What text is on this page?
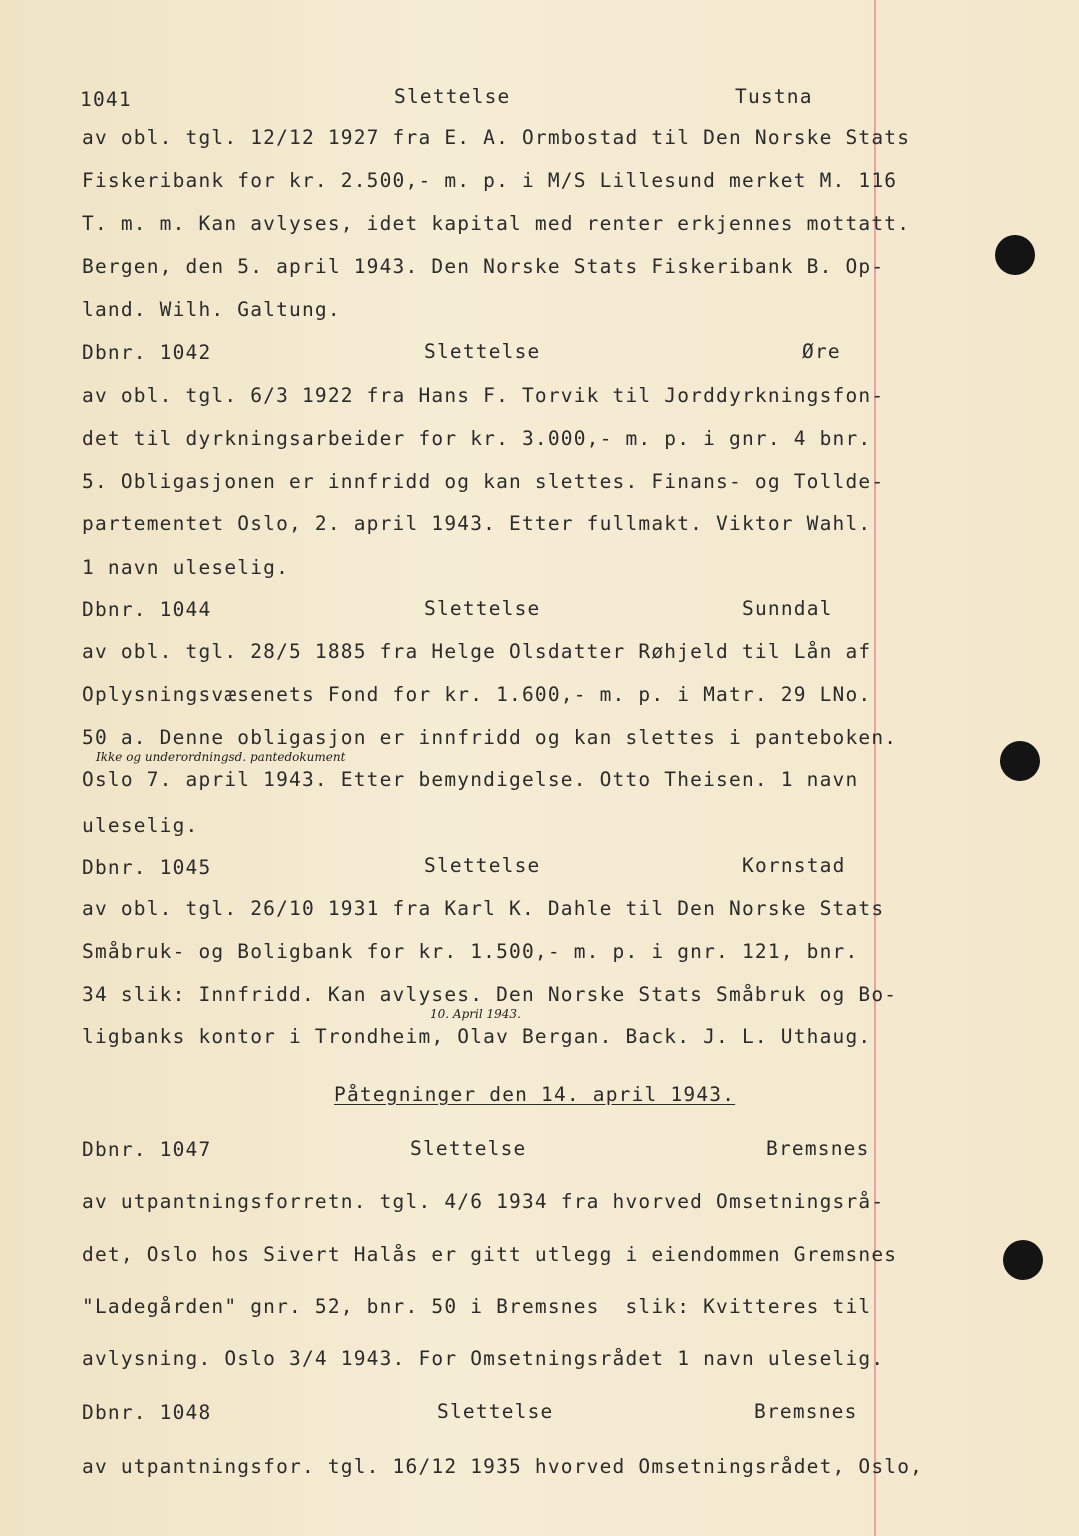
1041	Slettelse	Tustna
av obl. tgl. 12/12 1927 fra E. A. Ormbostad til Den Norske Stats
Fiskeribank for kr. 2.500,- m. p. i M/S Lillesund merket M. 116
T. m. m. Kan avlyses, idet kapital med renter erkjennes mottatt.
Bergen, den 5. april 1943. Den Norske Stats Fiskeribank B. Op-
land. Wilh. Galtung.
Dbnr. 1042	Slettelse	Øre
av obl. tgl. 6/3 1922 fra Hans F. Torvik til Jorddyrkningsfon-
det til dyrkningsarbeider for kr. 3.000,- m. p. i gnr. 4 bnr.
5. Obligasjonen er innfridd og kan slettes. Finans- og Tollde-
partementet Oslo, 2. april 1943. Etter fullmakt. Viktor Wahl.
1 navn uleselig.
Dbnr. 1044	Slettelse	Sunndal
av obl. tgl. 28/5 1885 fra Helge Olsdatter Røhjeld til Lån af
Oplysningsvæsenets Fond for kr. 1.600,- m. p. i Matr. 29 LNo.
50 a. Denne obligasjon er innfridd og kan slettes i panteboken.
Ikke og underordningsd. pantedokument
Oslo 7. april 1943. Etter bemyndigelse. Otto Theisen. 1 navn
uleselig.
Dbnr. 1045	Slettelse	Kornstad
av obl. tgl. 26/10 1931 fra Karl K. Dahle til Den Norske Stats
Småbruk- og Boligbank for kr. 1.500,- m. p. i gnr. 121, bnr.
34 slik: Innfridd. Kan avlyses. Den Norske Stats Småbruk og Bo-
10. April 1943.
ligbanks kontor i Trondheim, Olav Bergan. Back. J. L. Uthaug.
Påtegninger den 14. april 1943.
Dbnr. 1047	Slettelse	Bremsnes
av utpantningsforretn. tgl. 4/6 1934 fra hvorved Omsetningsrå-
det, Oslo hos Sivert Halås er gitt utlegg i eiendommen Gremsnes
"Ladegården" gnr. 52, bnr. 50 i Bremsnes  slik: Kvitteres til
avlysning. Oslo 3/4 1943. For Omsetningsrådet 1 navn uleselig.
Dbnr. 1048	Slettelse	Bremsnes
av utpantningsfor. tgl. 16/12 1935 hvorved Omsetningsrådet, Oslo,
